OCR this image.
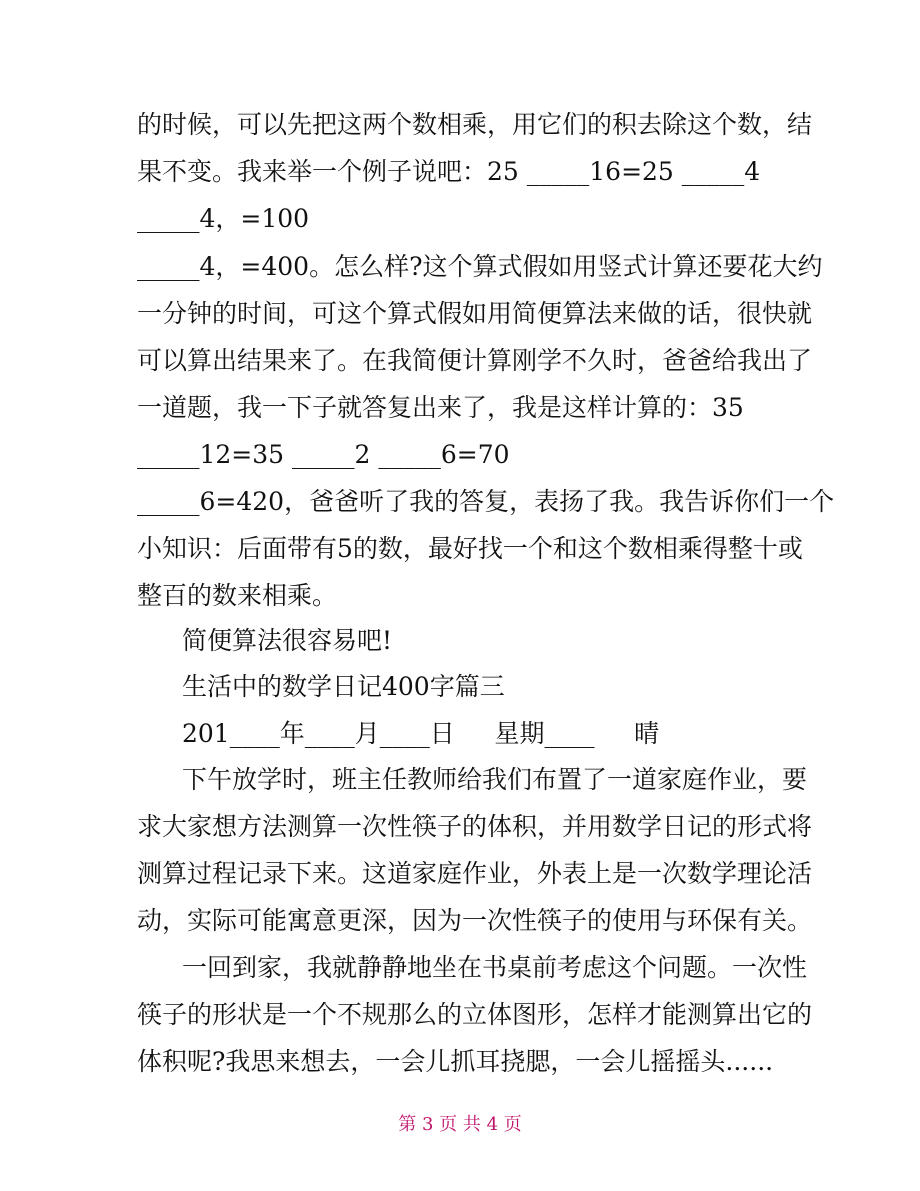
的时候，可以先把这两个数相乘，用它们的积去除这个数，结
果不变。我来举一个例子说吧：25 _____16=25 _____4
_____4，=100
_____4，=400。怎么样?这个算式假如用竖式计算还要花大约
一分钟的时间，可这个算式假如用简便算法来做的话，很快就
可以算出结果来了。在我简便计算刚学不久时，爸爸给我出了
一道题，我一下子就答复出来了，我是这样计算的：35
_____12=35 _____2 _____6=70
_____6=420，爸爸听了我的答复，表扬了我。我告诉你们一个
小知识：后面带有5的数，最好找一个和这个数相乘得整十或
整百的数来相乘。
简便算法很容易吧!
生活中的数学日记400字篇三
201____年____月____日     星期____     晴
下午放学时，班主任教师给我们布置了一道家庭作业，要
求大家想方法测算一次性筷子的体积，并用数学日记的形式将
测算过程记录下来。这道家庭作业，外表上是一次数学理论活
动，实际可能寓意更深，因为一次性筷子的使用与环保有关。
一回到家，我就静静地坐在书桌前考虑这个问题。一次性
筷子的形状是一个不规那么的立体图形，怎样才能测算出它的
体积呢?我思来想去，一会儿抓耳挠腮，一会儿摇摇头......
第 3 页 共 4 页
